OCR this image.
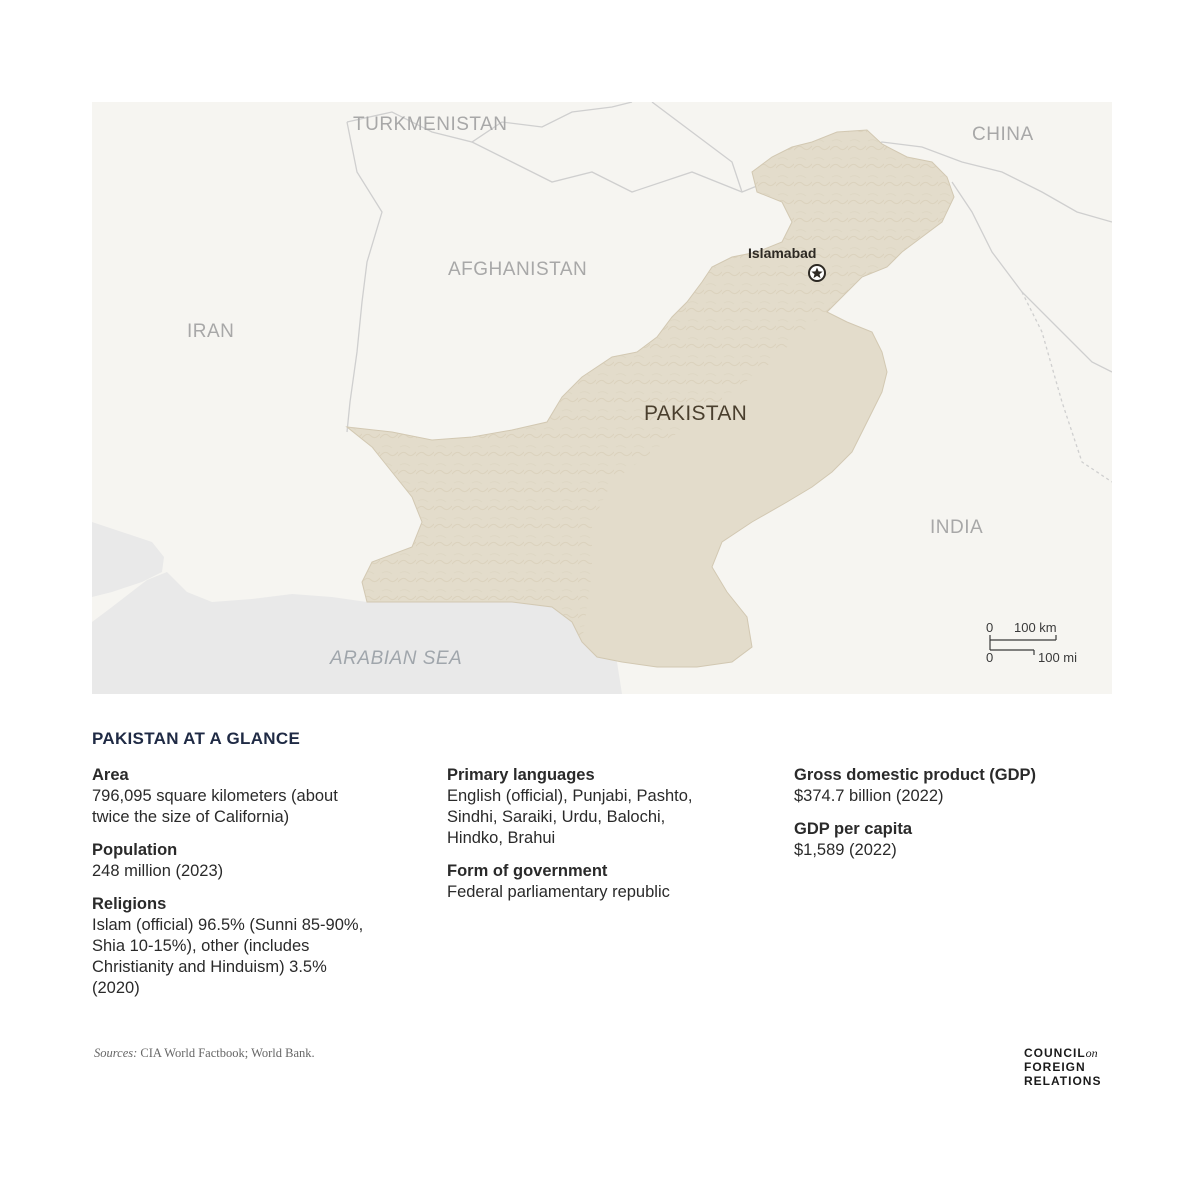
TURKMENISTAN	CHINA
AFGHANISTAN
IRAN
PAKISTAN
INDIA
ARABIAN SEA
Islamabad
0 100 km
0	100 mi
PAKISTAN AT A GLANCE
Area
796,095 square kilometers (about
twice the size of California)
Population
248 million (2023)
Religions
Islam (official) 96.5% (Sunni 85-90%,
Shia 10-15%), other (includes
Christianity and Hinduism) 3.5%
(2020)
Primary languages
English (official), Punjabi, Pashto,
Sindhi, Saraiki, Urdu, Balochi,
Hindko, Brahui
Form of government
Federal parliamentary republic
Gross domestic product (GDP)
$374.7 billion (2022)
GDP per capita
$1,589 (2022)
Sources: CIA World Factbook; World Bank.	COUNCILon
FOREIGN
RELATIONS
